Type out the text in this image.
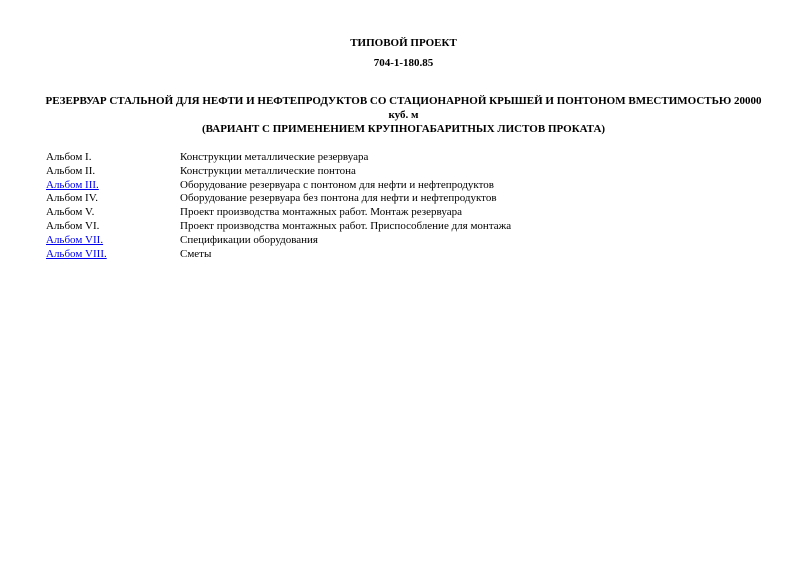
ТИПОВОЙ ПРОЕКТ
704-1-180.85
РЕЗЕРВУАР СТАЛЬНОЙ ДЛЯ НЕФТИ И НЕФТЕПРОДУКТОВ СО СТАЦИОНАРНОЙ КРЫШЕЙ И ПОНТОНОМ ВМЕСТИМОСТЬЮ 20000
куб. м
(ВАРИАНТ С ПРИМЕНЕНИЕМ КРУПНОГАБАРИТНЫХ ЛИСТОВ ПРОКАТА)
Альбом I.	Конструкции металлические резервуара
Альбом II.	Конструкции металлические понтона
Альбом III.	Оборудование резервуара с понтоном для нефти и нефтепродуктов
Альбом IV.	Оборудование резервуара без понтона для нефти и нефтепродуктов
Альбом V.	Проект производства монтажных работ. Монтаж резервуара
Альбом VI.	Проект производства монтажных работ. Приспособление для монтажа
Альбом VII.	Спецификации оборудования
Альбом VIII.	Сметы
